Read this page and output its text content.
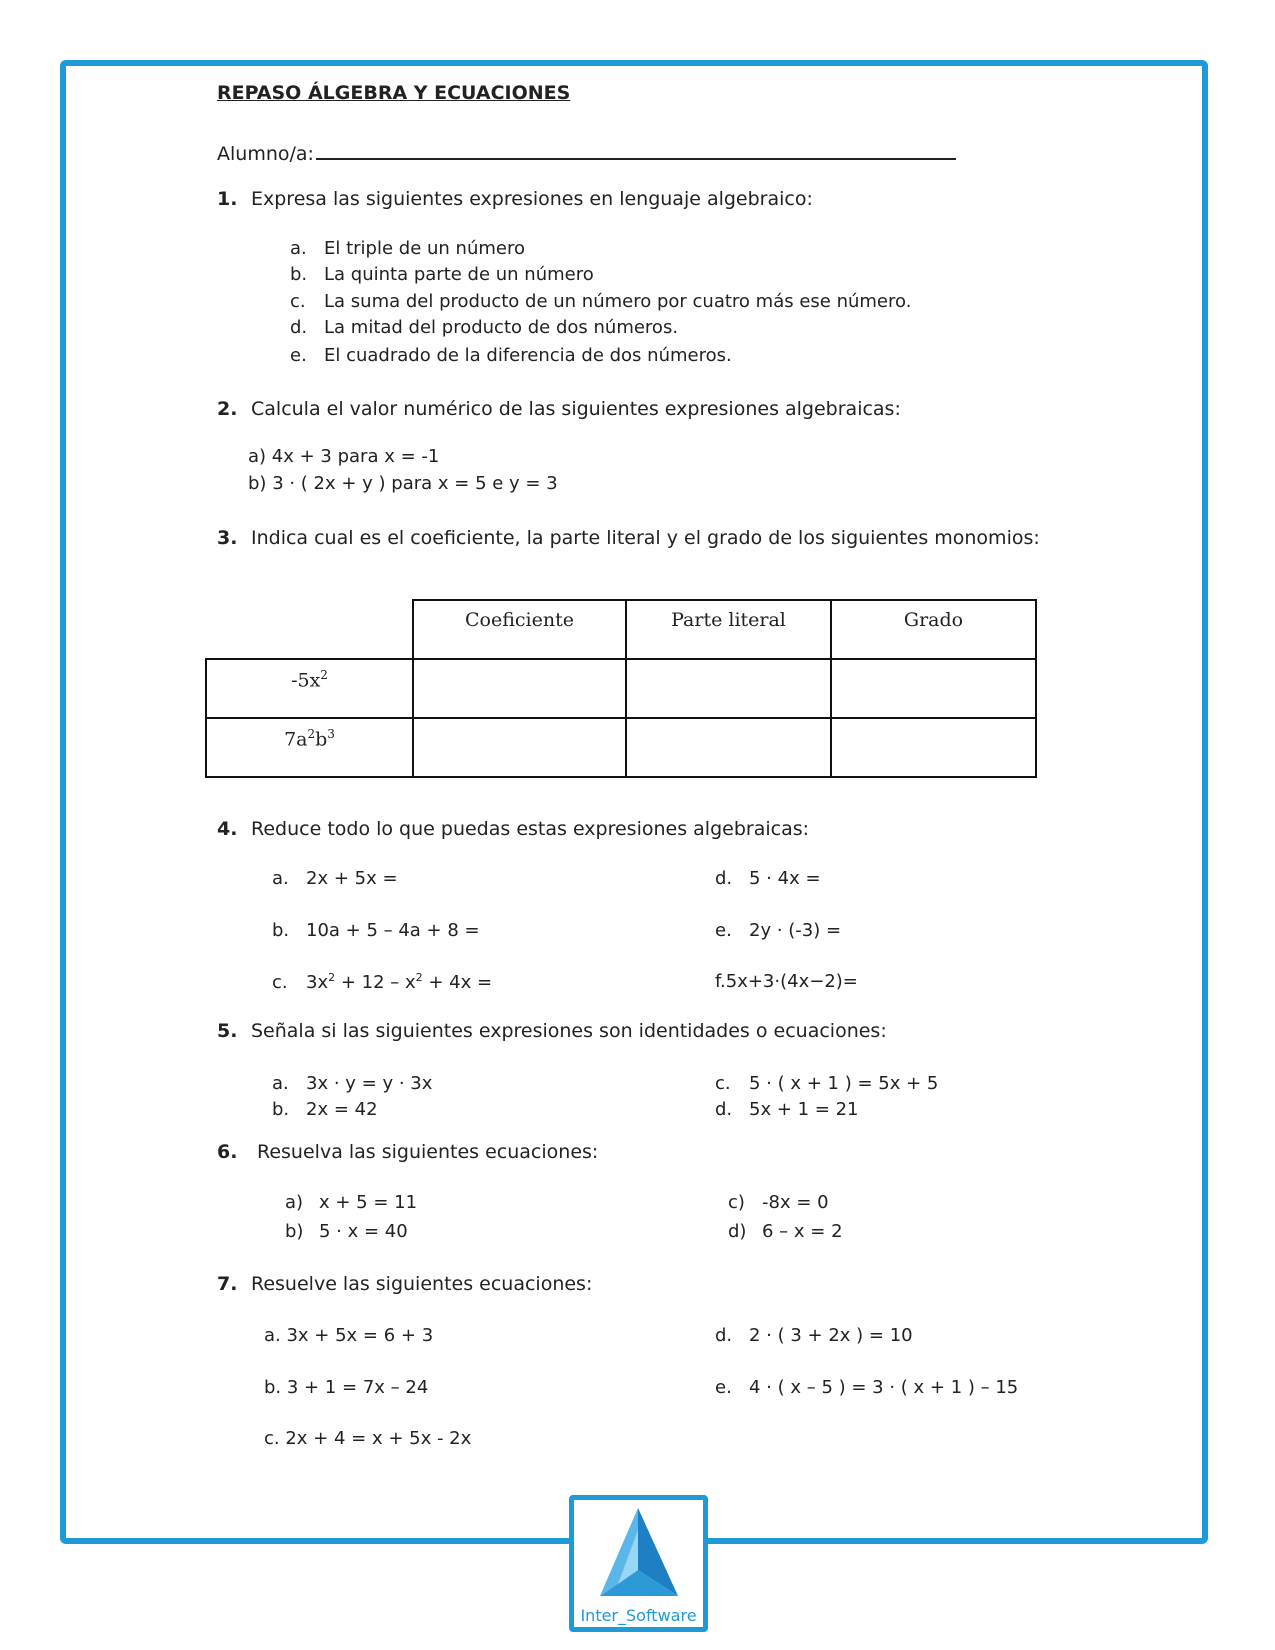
REPASO ÁLGEBRA Y ECUACIONES
Alumno/a:
1. Expresa las siguientes expresiones en lenguaje algebraico:
a. El triple de un número
b. La quinta parte de un número
c. La suma del producto de un número por cuatro más ese número.
d. La mitad del producto de dos números.
e. El cuadrado de la diferencia de dos números.
2. Calcula el valor numérico de las siguientes expresiones algebraicas:
a) 4x + 3 para x = -1
b) 3 · ( 2x + y ) para x = 5 e y = 3
3. Indica cual es el coeficiente, la parte literal y el grado de los siguientes monomios:
	Coeficiente	Parte literal	Grado
$-5x^2$			
$7a^2b^3$			
4. Reduce todo lo que puedas estas expresiones algebraicas:
a. 2x + 5x =
b. 10a + 5 – 4a + 8 =
c. $3x^2 + 12 - x^2 + 4x$ =
d. 5 · 4x =
e. 2y · (-3) =
f.5x+3·(4x−2)=
5. Señala si las siguientes expresiones son identidades o ecuaciones:
a. 3x · y = y · 3x
b. 2x = 42
c. 5 · ( x + 1 ) = 5x + 5
d. 5x + 1 = 21
6. Resuelva las siguientes ecuaciones:
a) x + 5 = 11
b) 5 · x = 40
c) -8x = 0
d) 6 – x = 2
7. Resuelve las siguientes ecuaciones:
a. 3x + 5x = 6 + 3
b. 3 + 1 = 7x – 24
c. 2x + 4 = x + 5x - 2x
d. 2 · ( 3 + 2x ) = 10
e. 4 · ( x – 5 ) = 3 · ( x + 1 ) – 15
Inter_Software
